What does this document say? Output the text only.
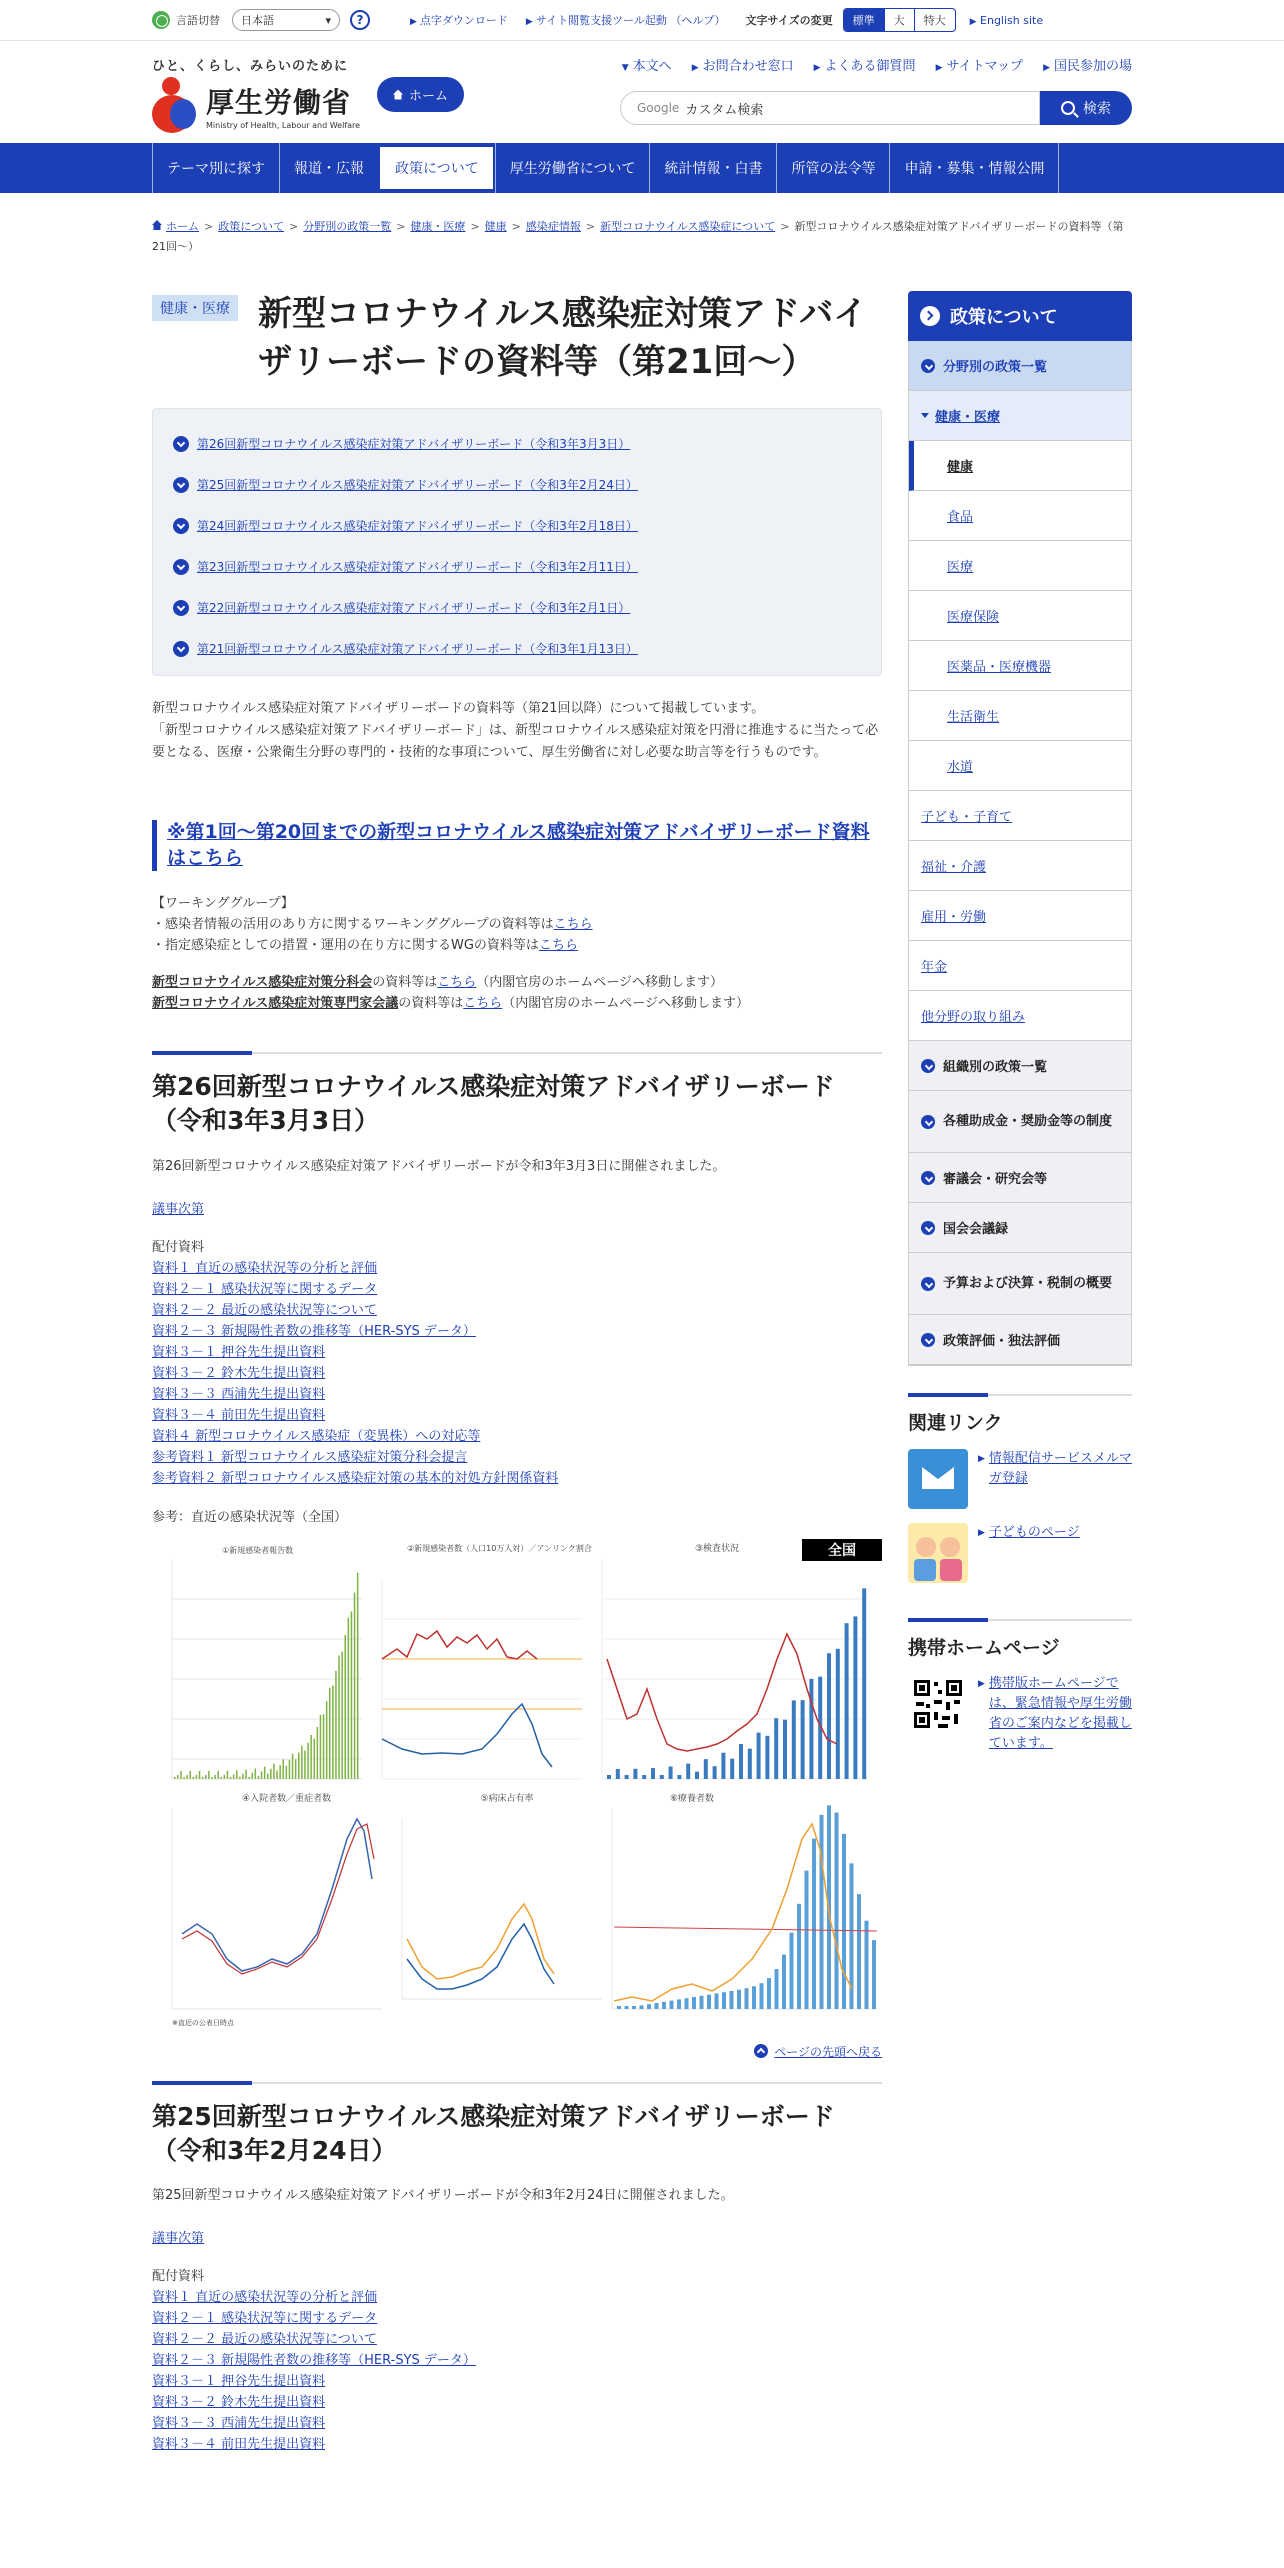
言語切替 日本語	▾	?	▶ 点字ダウンロード ▶ サイト閲覧支援ツール起動 （ヘルプ） 文字サイズの変更	標準	大	特大	▶ English site
ひと、くらし、みらいのために
厚生労働省
Ministry of Health, Labour and Welfare
ホーム
▼ 本文へ ▶ お問合わせ窓口 ▶ よくある御質問 ▶ サイトマップ ▶ 国民参加の場
Google カスタム検索	検索
テーマ別に探す	報道・広報	政策について	厚生労働省について	統計情報・白書	所管の法令等	申請・募集・情報公開
ホーム > 政策について > 分野別の政策一覧 > 健康・医療 > 健康 > 感染症情報 > 新型コロナウイルス感染症について > 新型コロナウイルス感染症対策アドバイザリーボードの資料等（第21回～）
健康・医療 新型コロナウイルス感染症対策アドバイザリーボードの資料等（第21回～）
第26回新型コロナウイルス感染症対策アドバイザリーボード（令和3年3月3日）
第25回新型コロナウイルス感染症対策アドバイザリーボード（令和3年2月24日）
第24回新型コロナウイルス感染症対策アドバイザリーボード（令和3年2月18日）
第23回新型コロナウイルス感染症対策アドバイザリーボード（令和3年2月11日）
第22回新型コロナウイルス感染症対策アドバイザリーボード（令和3年2月1日）
第21回新型コロナウイルス感染症対策アドバイザリーボード（令和3年1月13日）

新型コロナウイルス感染症対策アドバイザリーボードの資料等（第21回以降）について掲載しています。

「新型コロナウイルス感染症対策アドバイザリーボード」は、新型コロナウイルス感染症対策を円滑に推進するに当たって必要となる、医療・公衆衛生分野の専門的・技術的な事項について、厚生労働省に対し必要な助言等を行うものです。

※第1回～第20回までの新型コロナウイルス感染症対策アドバイザリーボード資料はこちら
【ワーキンググループ】
・感染者情報の活用のあり方に関するワーキンググループの資料等はこちら
・指定感染症としての措置・運用の在り方に関するWGの資料等はこちら
新型コロナウイルス感染症対策分科会の資料等はこちら（内閣官房のホームページへ移動します）
新型コロナウイルス感染症対策専門家会議の資料等はこちら（内閣官房のホームページへ移動します）
第26回新型コロナウイルス感染症対策アドバイザリーボード（令和3年3月3日）

第26回新型コロナウイルス感染症対策アドバイザリーボードが令和3年3月3日に開催されました。

議事次第
配付資料
資料１ 直近の感染状況等の分析と評価
資料２－１ 感染状況等に関するデータ
資料２－２ 最近の感染状況等について
資料２－３ 新規陽性者数の推移等（HER-SYS データ）
資料３－１ 押谷先生提出資料
資料３－２ 鈴木先生提出資料
資料３－３ 西浦先生提出資料
資料３－４ 前田先生提出資料
資料４ 新型コロナウイルス感染症（変異株）への対応等
参考資料１ 新型コロナウイルス感染症対策分科会提言
参考資料２ 新型コロナウイルス感染症対策の基本的対処方針関係資料

参考：直近の感染状況等（全国）

①新規感染者報告数	②新規感染者数（人口10万人対）／アンリンク割合	全国
③検査状況
④入院者数／重症者数
※直近の公表日時点
⑤病床占有率	⑥療養者数
ページの先頭へ戻る
第25回新型コロナウイルス感染症対策アドバイザリーボード（令和3年2月24日）

第25回新型コロナウイルス感染症対策アドバイザリーボードが令和3年2月24日に開催されました。

議事次第
配付資料
資料１ 直近の感染状況等の分析と評価
資料２－１ 感染状況等に関するデータ
資料２－２ 最近の感染状況等について
資料２－３ 新規陽性者数の推移等（HER-SYS データ）
資料３－１ 押谷先生提出資料
資料３－２ 鈴木先生提出資料
資料３－３ 西浦先生提出資料
資料３－４ 前田先生提出資料
政策について
分野別の政策一覧
健康・医療
健康
食品
医療
医療保険
医薬品・医療機器
生活衛生
水道
子ども・子育て
福祉・介護
雇用・労働
年金
他分野の取り組み
組織別の政策一覧
各種助成金・奨励金等の制度
審議会・研究会等
国会会議録
予算および決算・税制の概要
政策評価・独法評価
関連リンク
▶ 情報配信サービスメルマガ登録
▶ 子どものページ
携帯ホームページ
▶ 携帯版ホームページでは、緊急情報や厚生労働省のご案内などを掲載しています。
